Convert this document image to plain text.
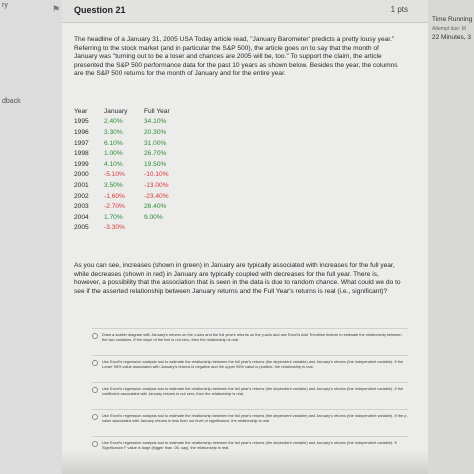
ry
dback
⚑	Question 21	1 pts
The headline of a January 31, 2005 USA Today article read, "January Barometer' predicts a pretty lousy year." Referring to the stock market (and in particular the S&P 500), the article goes on to say that the month of January was "turning out to be a loser and chances are 2005 will be, too." To support the claim, the article presented the S&P 500 performance data for the past 10 years as shown below. Besides the year, the columns are the S&P 500 returns for the month of January and for the entire year.
Year	January	Full Year
1995	2.40%	34.10%
1996	3.30%	20.30%
1997	6.10%	31.00%
1998	1.00%	26.70%
1999	4.10%	19.50%
2000	-5.10%	-10.10%
2001	3.50%	-13.00%
2002	-1.60%	-23.40%
2003	-2.70%	26.40%
2004	1.70%	9.00%
2005	-3.30%	
As you can see, increases (shown in green) in January are typically associated with increases for the full year, while decreases (shown in red) in January are typically coupled with decreases for the full year. There is, however, a possibility that the association that is seen in the data is due to random chance. What could we do to see if the asserted relationship between January returns and the Full Year's returns is real (i.e., significant)?
Draw a scatter diagram with January's returns on the x-axis and the full year's returns on the y-axis and use Excel's Add Trendline feature to estimate the relationship between the two variables. If the slope of the line is not zero, then the relationship is real.
Use Excel's regression analysis tool to estimate the relationship between the full year's returns (the dependent variable) and January's returns (the independent variable). If the Lower 95% value associated with January's returns is negative and the upper 95% value is positive, the relationship is real.
Use Excel's regression analysis tool to estimate the relationship between the full year's returns (the dependent variable) and January's returns (the independent variable). If the coefficient associated with January returns is not zero, then the relationship is real.
Use Excel's regression analysis tool to estimate the relationship between the full year's returns (the dependent variable) and January's returns (the independent variable). If the p-value associated with January returns is less than our level of significance, the relationship is real.
Use Excel's regression analysis tool to estimate the relationship between the full year's returns (the dependent variable) and January's returns (the independent variable). If Significance F value is large (bigger than .05, say), the relationship is real.
Time Running
Attempt due: M
22 Minutes, 3
